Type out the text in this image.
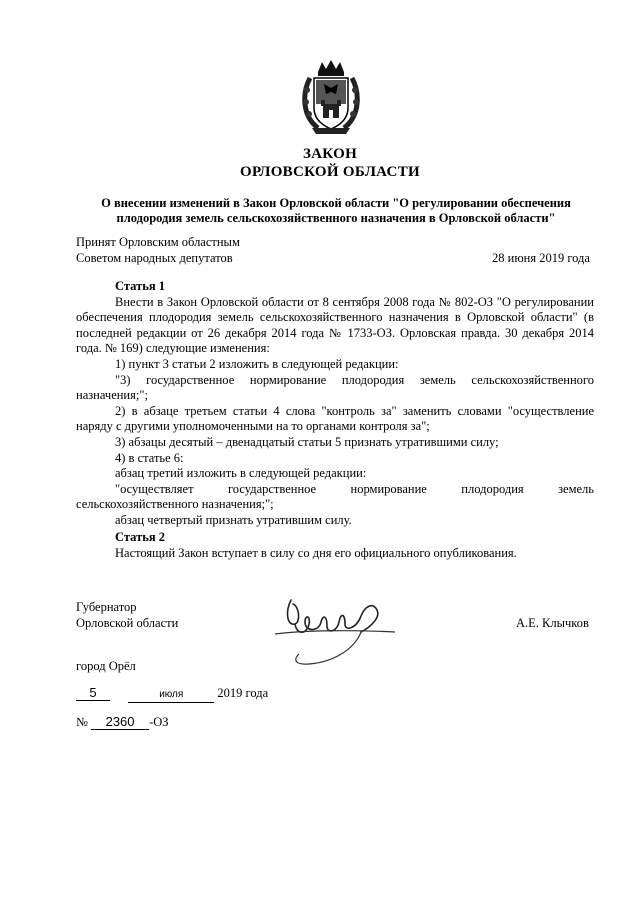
ЗАКОН
ОРЛОВСКОЙ ОБЛАСТИ
О внесении изменений в Закон Орловской области "О регулировании обеспечения
плодородия земель сельскохозяйственного назначения в Орловской области"
Принят Орловским областным
Советом народных депутатов	28 июня 2019 года

Статья 1

Внести в Закон Орловской области от 8 сентября 2008 года № 802-ОЗ "О регулировании обеспечения плодородия земель сельскохозяйственного назначения в Орловской области" (в последней редакции от 26 декабря 2014 года № 1733-ОЗ. Орловская правда. 30 декабря 2014 года. № 169) следующие изменения:

1) пункт 3 статьи 2 изложить в следующей редакции:

"3) государственное нормирование плодородия земель сельскохозяйственного назначения;";

2) в абзаце третьем статьи 4 слова "контроль за" заменить словами "осуществление наряду с другими уполномоченными на то органами контроля за";

3) абзацы десятый – двенадцатый статьи 5 признать утратившими силу;

4) в статье 6:

абзац третий изложить в следующей редакции:

"осуществляет государственное нормирование плодородия земель сельскохозяйственного назначения;";

абзац четвертый признать утратившим силу.

Статья 2

Настоящий Закон вступает в силу со дня его официального опубликования.

Губернатор
Орловской области	А.Е. Клычков
город Орёл
5	июля	2019 года
№ 2360 -ОЗ
